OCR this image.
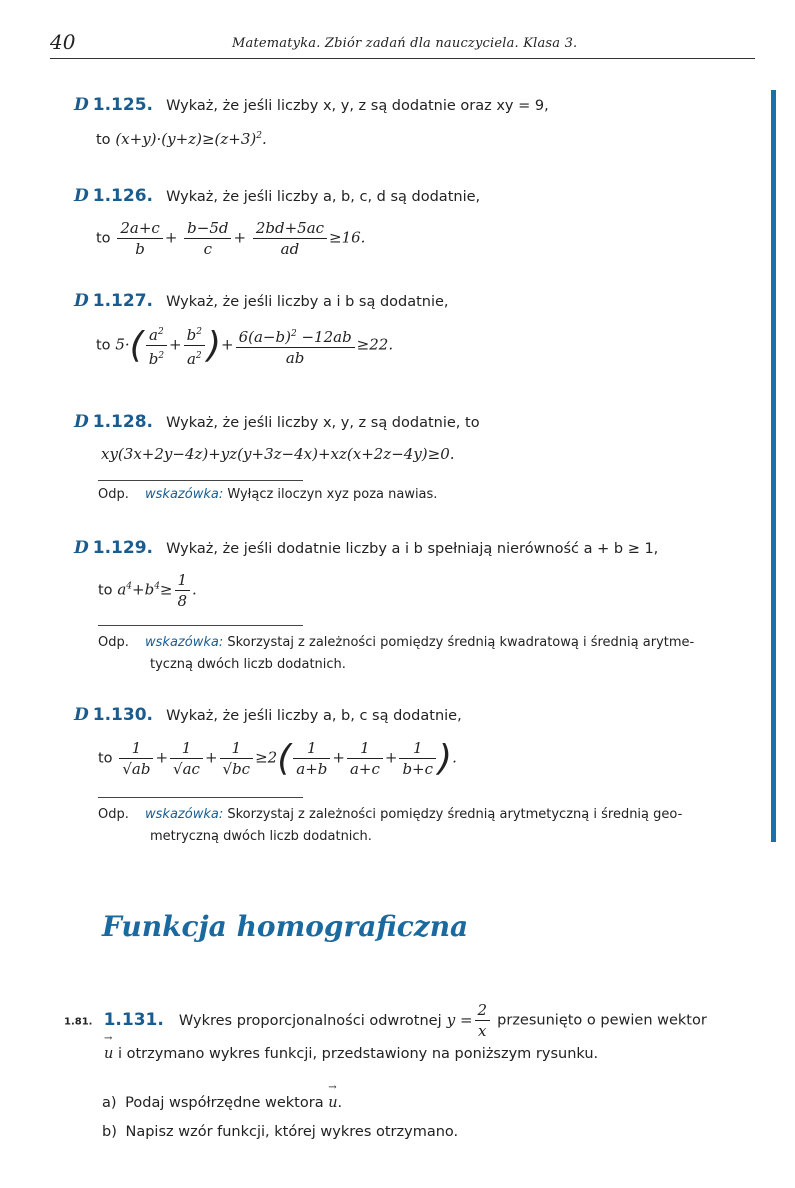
40	Matematyka. Zbiór zadań dla nauczyciela. Klasa 3.
D 1.125. Wykaż, że jeśli liczby x, y, z są dodatnie oraz xy = 9,
to $(x+y)\cdot(y+z)\ge(z+3)^2$.
D 1.126. Wykaż, że jeśli liczby a, b, c, d są dodatnie,
to $\frac{2a+c}{b} + \frac{b-5d}{c} + \frac{2bd+5ac}{ad} \ge 16$.
D 1.127. Wykaż, że jeśli liczby a i b są dodatnie,
to $5\cdot( \frac{a^2}{b^2} + \frac{b^2}{a^2}$ )+ $\frac{6(a-b)^2 -12ab}{ab} \ge 22$.
D 1.128. Wykaż, że jeśli liczby x, y, z są dodatnie, to
xy(3x+2y−4z)+yz(y+3z−4x)+xz(x+2z−4y)≥0.
Odp. wskazówka: Wyłącz iloczyn xyz poza nawias.
D 1.129. Wykaż, że jeśli dodatnie liczby a i b spełniają nierówność a + b ≥ 1,
to $a^4+b^4\ge \frac{1}{8}$ .
Odp. wskazówka: Skorzystaj z zależności pomiędzy średnią kwadratową i średnią arytme-
tyczną dwóch liczb dodatnich.
D 1.130. Wykaż, że jeśli liczby a, b, c są dodatnie,
to $\frac{1}{√ab} + \frac{1}{√ac} + \frac{1}{√bc} \ge 2( \frac{1}{a+b} + \frac{1}{a+c} + \frac{1}{b+c}$ ).
Odp. wskazówka: Skorzystaj z zależności pomiędzy średnią arytmetyczną i średnią geo-
metryczną dwóch liczb dodatnich.
Funkcja homograficzna
1.81. 1.131. Wykres proporcjonalności odwrotnej $y = \frac{2}{x}$ przesunięto o pewien wektor
→ u i otrzymano wykres funkcji, przedstawiony na poniższym rysunku.
a) Podaj współrzędne wektora → u.
b) Napisz wzór funkcji, której wykres otrzymano.
